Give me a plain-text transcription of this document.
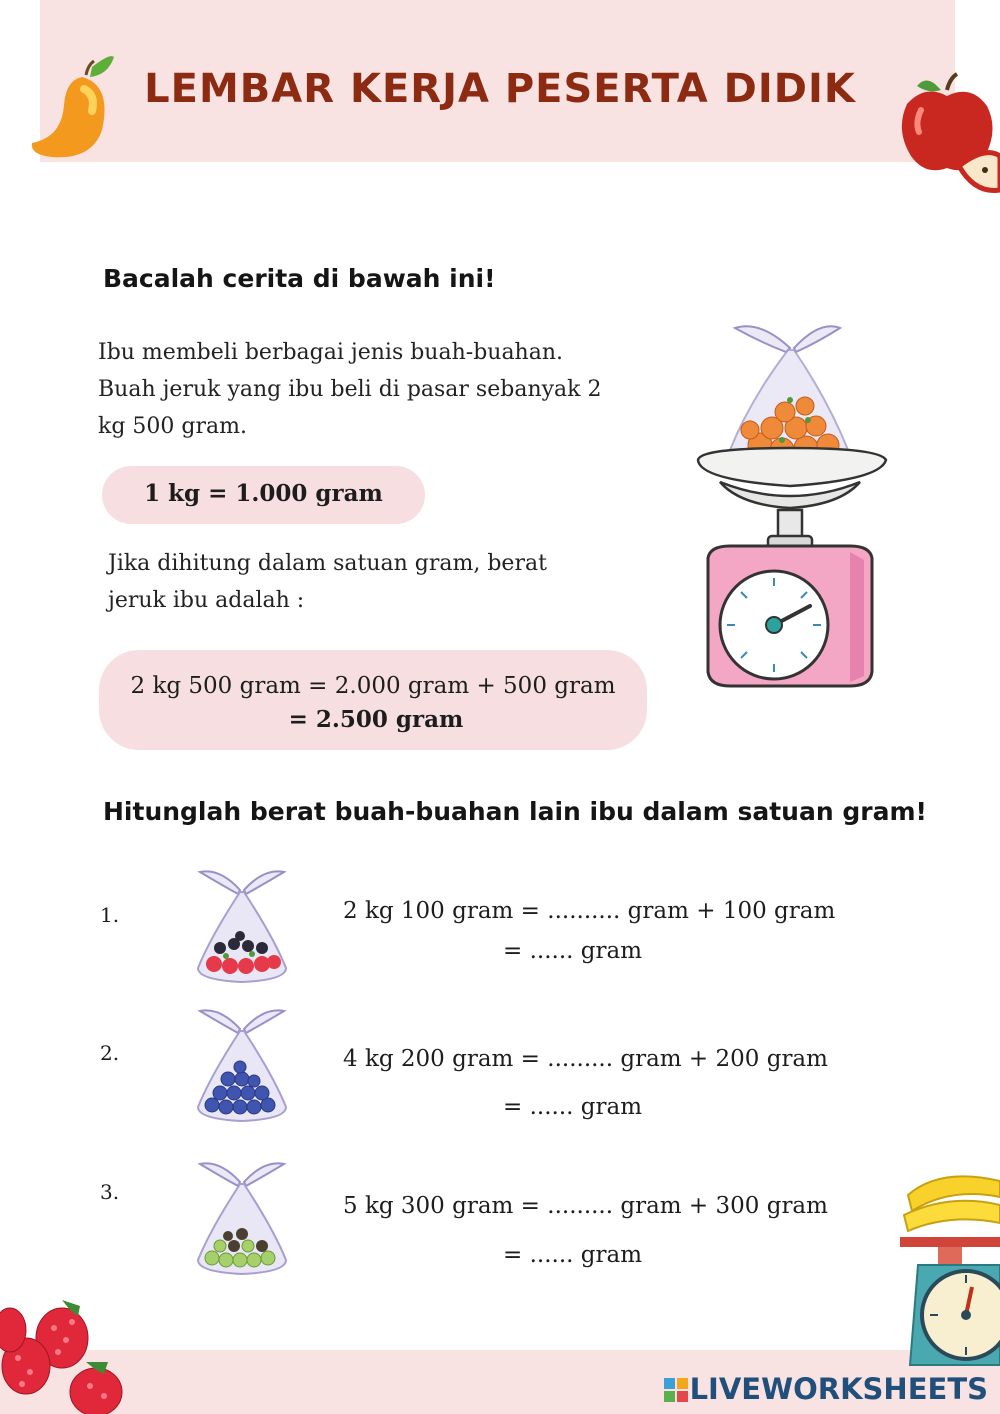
LEMBAR KERJA PESERTA DIDIK
Bacalah cerita di bawah ini!
Ibu membeli berbagai jenis buah-buahan.
Buah jeruk yang ibu beli di pasar sebanyak 2
kg 500 gram.
1 kg = 1.000 gram
Jika dihitung dalam satuan gram, berat
jeruk ibu adalah :
2 kg 500 gram = 2.000 gram + 500 gram
= 2.500 gram
Hitunglah berat buah-buahan lain ibu dalam satuan gram!
1.	2 kg 100 gram = .......... gram + 100 gram
= ...... gram
2.	4 kg 200 gram = ......... gram + 200 gram
= ...... gram
3.
5 kg 300 gram = ......... gram + 300 gram
= ...... gram
LIVEWORKSHEETS
